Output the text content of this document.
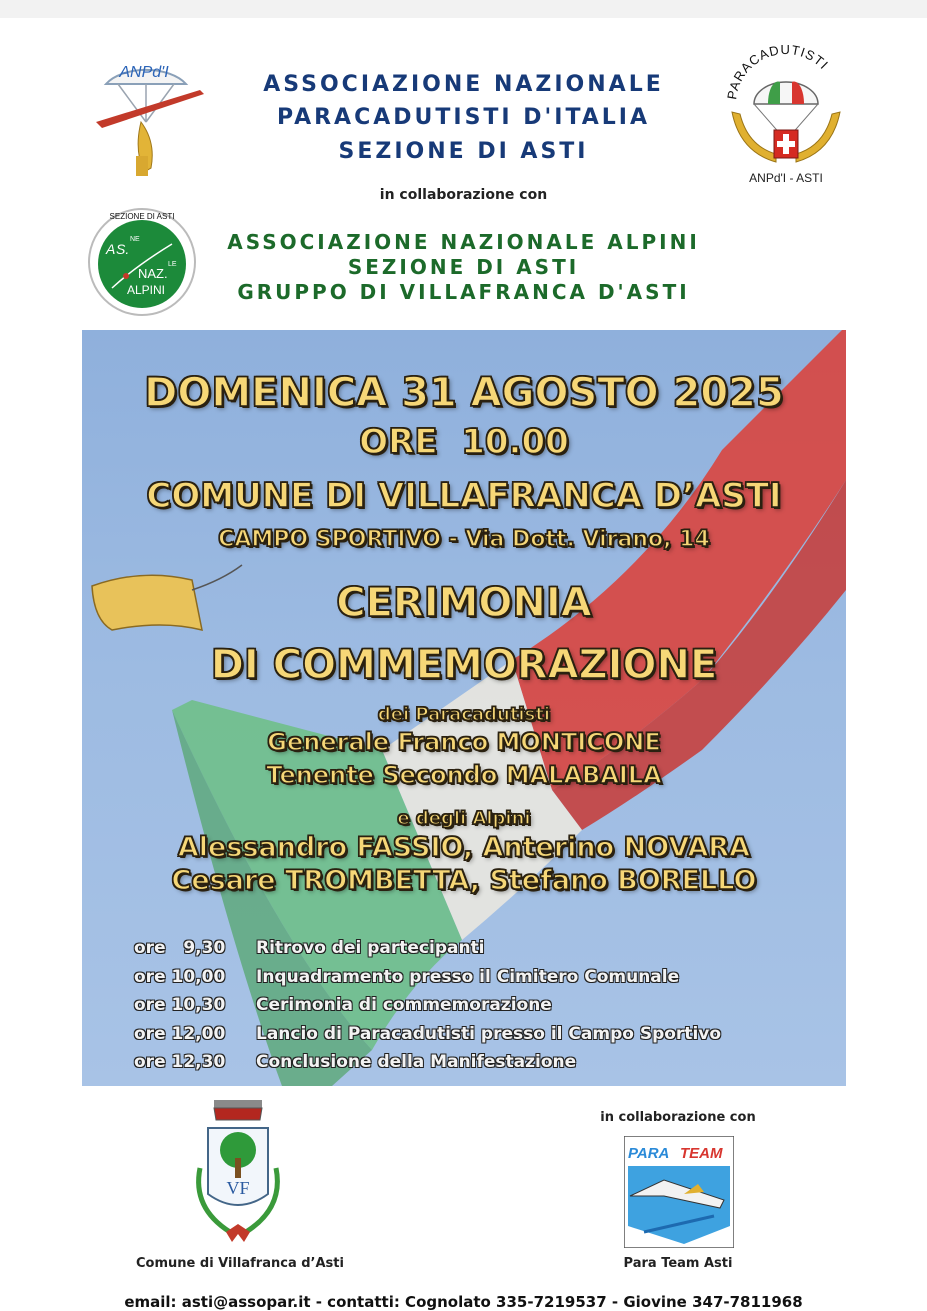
ANPd'I	ASSOCIAZIONE NAZIONALE
PARACADUTISTI D'ITALIA
SEZIONE DI ASTI
PARACADUTISTI
ANPd'I - ASTI
in collaborazione con
SEZIONE DI ASTI
A S.
NE
NAZ.
LE
ALPINI
ASSOCIAZIONE NAZIONALE ALPINI
SEZIONE DI ASTI
GRUPPO DI VILLAFRANCA D'ASTI
DOMENICA 31 AGOSTO 2025
ORE  10.00
COMUNE DI VILLAFRANCA D’ASTI
CAMPO SPORTIVO - Via Dott. Virano, 14
CERIMONIA
DI COMMEMORAZIONE
dei Paracadutisti
Generale Franco MONTICONE
Tenente Secondo MALABAILA
e degli Alpini
Alessandro FASSIO, Anterino NOVARA
Cesare TROMBETTA, Stefano BORELLO
ore   9,30	Ritrovo dei partecipanti
ore 10,00	Inquadramento presso il Cimitero Comunale
ore 10,30	Cerimonia di commemorazione
ore 12,00	Lancio di Paracadutisti presso il Campo Sportivo
ore 12,30	Conclusione della Manifestazione
VF
Comune di Villafranca d’Asti
in collaborazione con
PARA TEAM
Para Team Asti
email: asti@assopar.it - contatti: Cognolato 335-7219537 - Giovine 347-7811968
